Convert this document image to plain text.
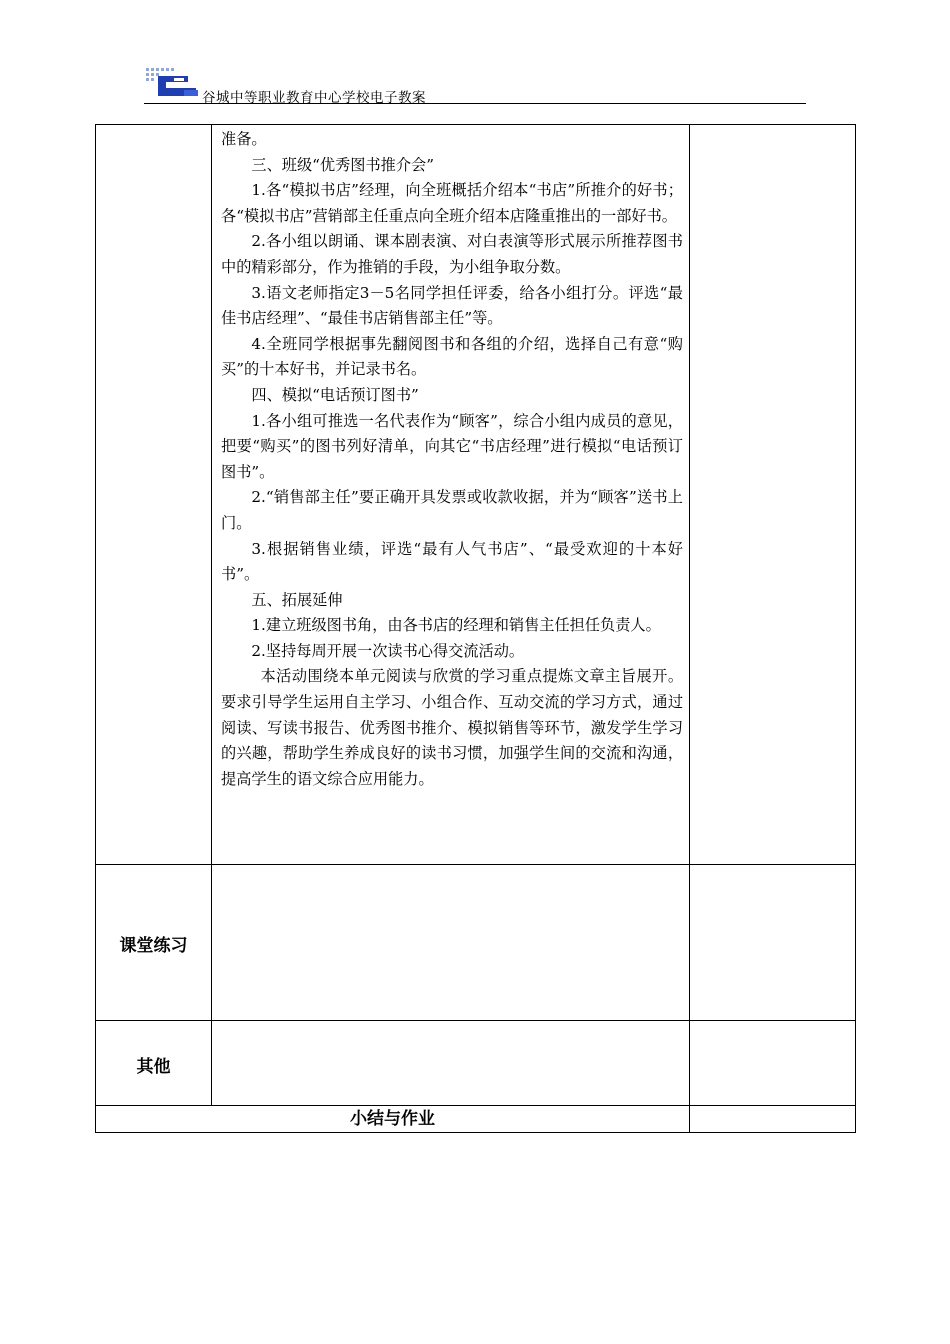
谷城中等职业教育中心学校电子教案

准备。

三、班级“优秀图书推介会”

1.各“模拟书店”经理，向全班概括介绍本“书店”所推介的好书；各“模拟书店”营销部主任重点向全班介绍本店隆重推出的一部好书。

2.各小组以朗诵、课本剧表演、对白表演等形式展示所推荐图书中的精彩部分，作为推销的手段，为小组争取分数。

3.语文老师指定3－5名同学担任评委，给各小组打分。评选“最佳书店经理”、“最佳书店销售部主任”等。

4.全班同学根据事先翻阅图书和各组的介绍，选择自己有意“购买”的十本好书，并记录书名。

四、模拟“电话预订图书”

1.各小组可推选一名代表作为“顾客”，综合小组内成员的意见，把要“购买”的图书列好清单，向其它“书店经理”进行模拟“电话预订图书”。

2.“销售部主任”要正确开具发票或收款收据，并为“顾客”送书上门。

3.根据销售业绩，评选“最有人气书店”、“最受欢迎的十本好书”。

五、拓展延伸

1.建立班级图书角，由各书店的经理和销售主任担任负责人。

2.坚持每周开展一次读书心得交流活动。

本活动围绕本单元阅读与欣赏的学习重点提炼文章主旨展开。要求引导学生运用自主学习、小组合作、互动交流的学习方式，通过阅读、写读书报告、优秀图书推介、模拟销售等环节，激发学生学习的兴趣，帮助学生养成良好的读书习惯，加强学生间的交流和沟通，提高学生的语文综合应用能力。

课堂练习
其他
小结与作业
